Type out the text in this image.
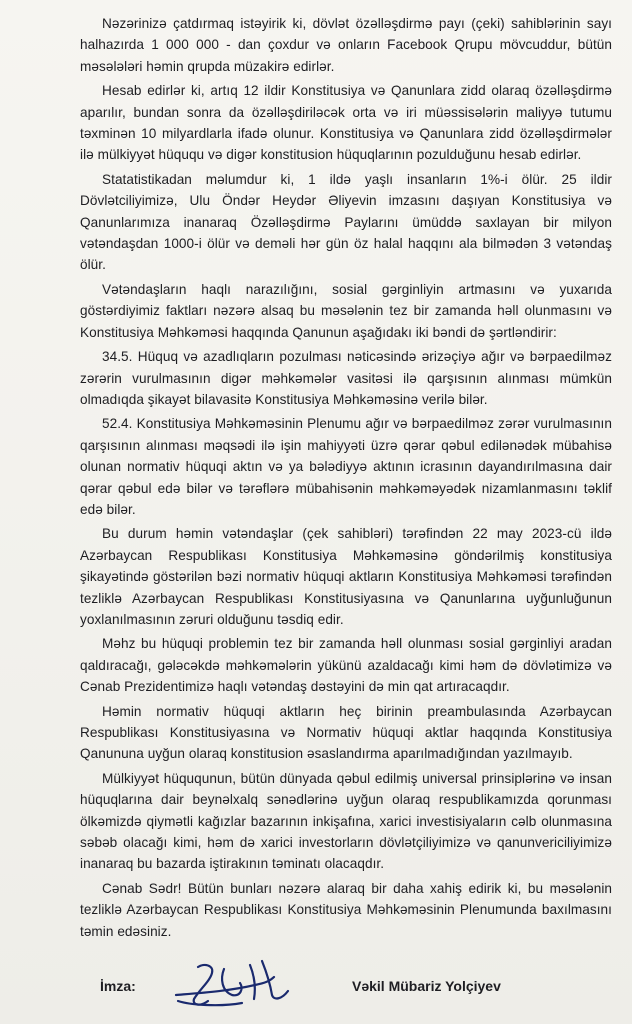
Nəzərinizə çatdırmaq istəyirik ki, dövlət özəlləşdirmə payı (çeki) sahiblərinin sayı halhazırda 1 000 000 - dan çoxdur və onların Facebook Qrupu mövcuddur, bütün məsələləri həmin qrupda müzakirə edirlər.

Hesab edirlər ki, artıq 12 ildir Konstitusiya və Qanunlara zidd olaraq özəlləşdirmə aparılır, bundan sonra da özəlləşdiriləcək orta və iri müəssisələrin maliyyə tutumu təxminən 10 milyardlarla ifadə olunur. Konstitusiya və Qanunlara zidd özəlləşdirmələr ilə mülkiyyət hüququ və digər konstitusion hüquqlarının pozulduğunu hesab edirlər.

Statatistikadan məlumdur ki, 1 ildə yaşlı insanların 1%-i ölür. 25 ildir Dövlətciliyimizə, Ulu Öndər Heydər Əliyevin imzasını daşıyan Konstitusiya və Qanunlarımıza inanaraq Özəlləşdirmə Paylarını ümüddə saxlayan bir milyon vətəndaşdan 1000-i ölür və deməli hər gün öz halal haqqını ala bilmədən 3 vətəndaş ölür.

Vətəndaşların haqlı narazılığını, sosial gərginliyin artmasını və yuxarıda göstərdiyimiz faktları nəzərə alsaq bu məsələnin tez bir zamanda həll olunmasını və Konstitusiya Məhkəməsi haqqında Qanunun aşağıdakı iki bəndi də şərtləndirir:

34.5. Hüquq və azadlıqların pozulması nəticəsində ərizəçiyə ağır və bərpaedilməz zərərin vurulmasının digər məhkəmələr vasitəsi ilə qarşısının alınması mümkün olmadıqda şikayət bilavasitə Konstitusiya Məhkəməsinə verilə bilər.

52.4. Konstitusiya Məhkəməsinin Plenumu ağır və bərpaedilməz zərər vurulmasının qarşısının alınması məqsədi ilə işin mahiyyəti üzrə qərar qəbul edilənədək mübahisə olunan normativ hüquqi aktın və ya bələdiyyə aktının icrasının dayandırılmasına dair qərar qəbul edə bilər və tərəflərə mübahisənin məhkəməyədək nizamlanmasını təklif edə bilər.

Bu durum həmin vətəndaşlar (çek sahibləri) tərəfindən 22 may 2023-cü ildə Azərbaycan Respublikası Konstitusiya Məhkəməsinə göndərilmiş konstitusiya şikayətində göstərilən bəzi normativ hüquqi aktların Konstitusiya Məhkəməsi tərəfindən tezliklə Azərbaycan Respublikası Konstitusiyasına və Qanunlarına uyğunluğunun yoxlanılmasının zəruri olduğunu təsdiq edir.

Məhz bu hüquqi problemin tez bir zamanda həll olunması sosial gərginliyi aradan qaldıracağı, gələcəkdə məhkəmələrin yükünü azaldacağı kimi həm də dövlətimizə və Cənab Prezidentimizə haqlı vətəndaş dəstəyini də min qat artıracaqdır.

Həmin normativ hüquqi aktların heç birinin preambulasında Azərbaycan Respublikası Konstitusiyasına və Normativ hüquqi aktlar haqqında Konstitusiya Qanununa uyğun olaraq konstitusion əsaslandırma aparılmadığından yazılmayıb.

Mülkiyyət hüququnun, bütün dünyada qəbul edilmiş universal prinsiplərinə və insan hüquqlarına dair beynəlxalq sənədlərinə uyğun olaraq respublikamızda qorunması ölkəmizdə qiymətli kağızlar bazarının inkişafına, xarici investisiyaların cəlb olunmasına səbəb olacağı kimi, həm də xarici investorların dövlətçiliyimizə və qanunvericiliyimizə inanaraq bu bazarda iştirakının təminatı olacaqdır.

Cənab Sədr! Bütün bunları nəzərə alaraq bir daha xahiş edirik ki, bu məsələnin tezliklə Azərbaycan Respublikası Konstitusiya Məhkəməsinin Plenumunda baxılmasını təmin edəsiniz.

İmza:	Vəkil Mübariz Yolçiyev
